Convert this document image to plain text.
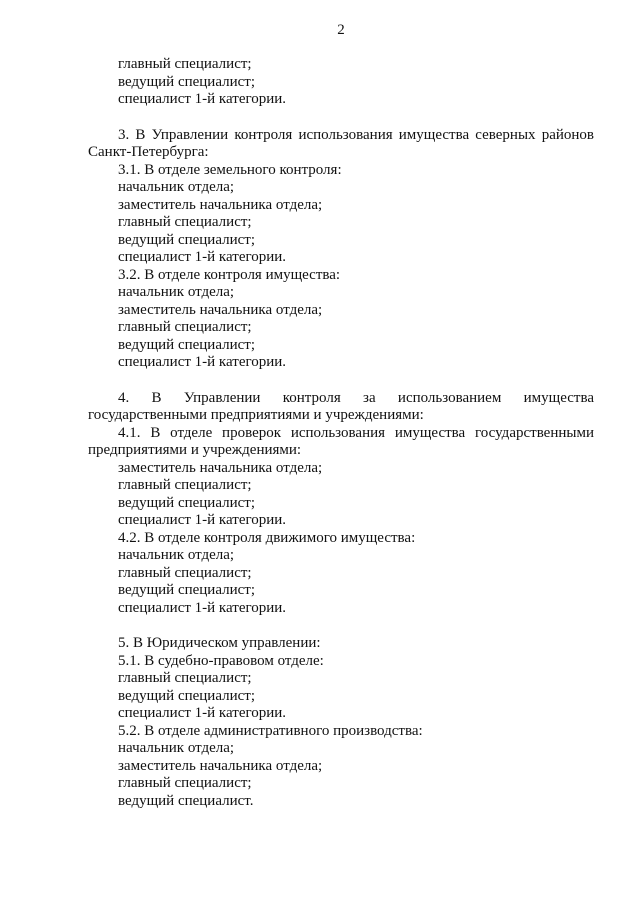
2

главный специалист;

ведущий специалист;

специалист 1-й категории.

3. В Управлении контроля использования имущества северных районов

Санкт-Петербурга:

3.1. В отделе земельного контроля:

начальник отдела;

заместитель начальника отдела;

главный специалист;

ведущий специалист;

специалист 1-й категории.

3.2. В отделе контроля имущества:

начальник отдела;

заместитель начальника отдела;

главный специалист;

ведущий специалист;

специалист 1-й категории.

4. В Управлении контроля за использованием имущества

государственными предприятиями и учреждениями:

4.1. В отделе проверок использования имущества государственными

предприятиями и учреждениями:

заместитель начальника отдела;

главный специалист;

ведущий специалист;

специалист 1-й категории.

4.2. В отделе контроля движимого имущества:

начальник отдела;

главный специалист;

ведущий специалист;

специалист 1-й категории.

5. В Юридическом управлении:

5.1. В судебно-правовом отделе:

главный специалист;

ведущий специалист;

специалист 1-й категории.

5.2. В отделе административного производства:

начальник отдела;

заместитель начальника отдела;

главный специалист;

ведущий специалист.
